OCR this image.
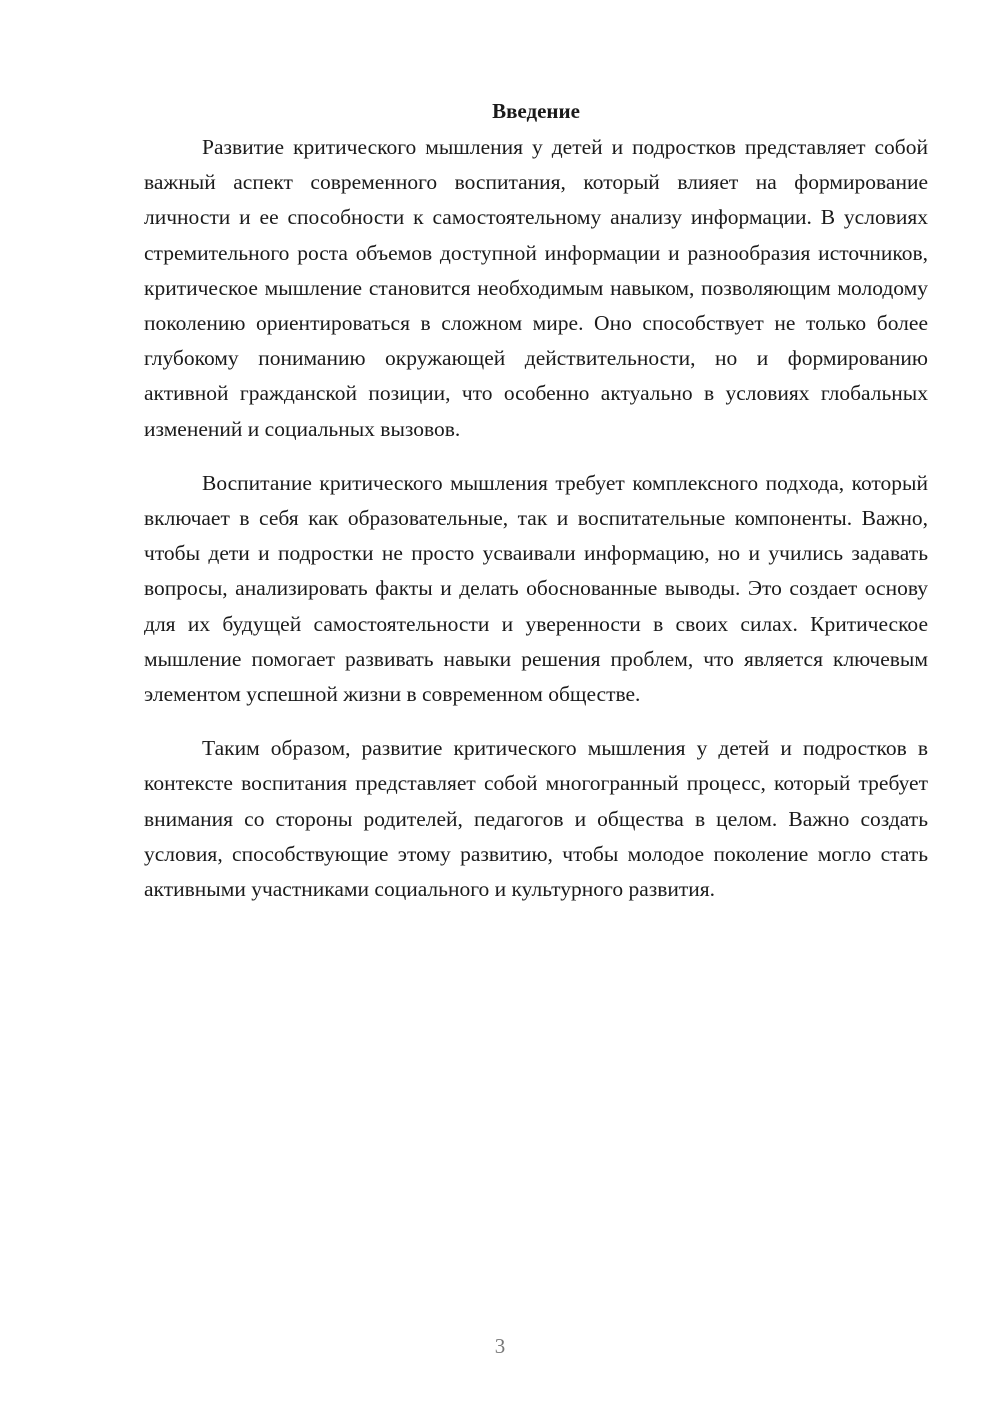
Введение

Развитие критического мышления у детей и подростков представляет собой важный аспект современного воспитания, который влияет на формирование личности и ее способности к самостоятельному анализу информации. В условиях стремительного роста объемов доступной информации и разнообразия источников, критическое мышление становится необходимым навыком, позволяющим молодому поколению ориентироваться в сложном мире. Оно способствует не только более глубокому пониманию окружающей действительности, но и формированию активной гражданской позиции, что особенно актуально в условиях глобальных изменений и социальных вызовов.

Воспитание критического мышления требует комплексного подхода, который включает в себя как образовательные, так и воспитательные компоненты. Важно, чтобы дети и подростки не просто усваивали информацию, но и учились задавать вопросы, анализировать факты и делать обоснованные выводы. Это создает основу для их будущей самостоятельности и уверенности в своих силах. Критическое мышление помогает развивать навыки решения проблем, что является ключевым элементом успешной жизни в современном обществе.

Таким образом, развитие критического мышления у детей и подростков в контексте воспитания представляет собой многогранный процесс, который требует внимания со стороны родителей, педагогов и общества в целом. Важно создать условия, способствующие этому развитию, чтобы молодое поколение могло стать активными участниками социального и культурного развития.

3
